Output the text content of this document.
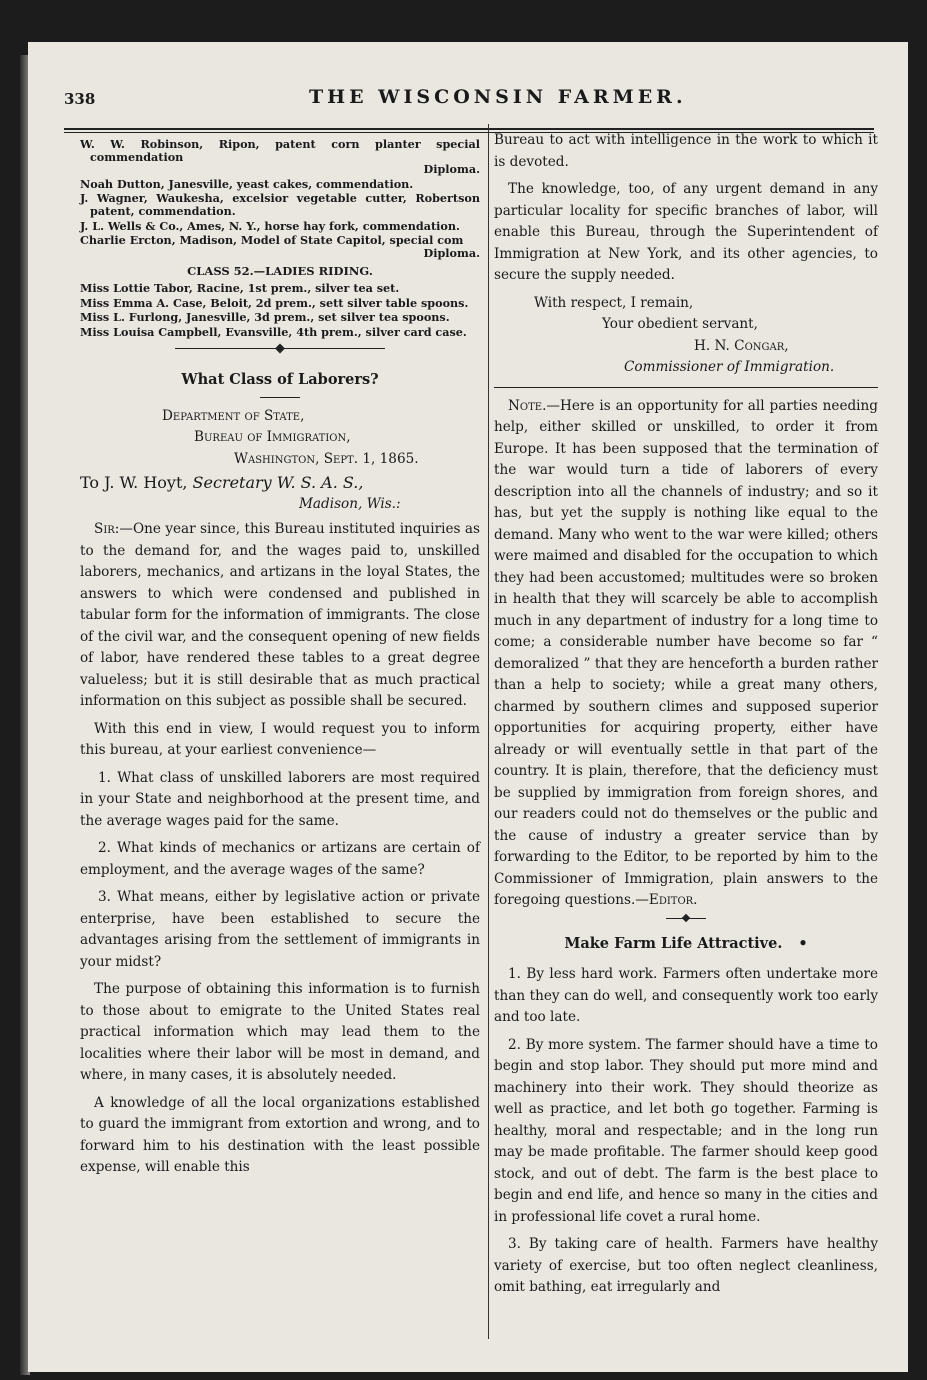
338	THE WISCONSIN FARMER.
W. W. Robinson, Ripon, patent corn planter special commendation
Diploma.
Noah Dutton, Janesville, yeast cakes, commendation.
J. Wagner, Waukesha, excelsior vegetable cutter, Robertson patent, commendation.
J. L. Wells & Co., Ames, N. Y., horse hay fork, commendation.
Charlie Ercton, Madison, Model of State Capitol, special com
Diploma.
CLASS 52.—LADIES RIDING.
Miss Lottie Tabor, Racine, 1st prem., silver tea set.
Miss Emma A. Case, Beloit, 2d prem., sett silver table spoons.
Miss L. Furlong, Janesville, 3d prem., set silver tea spoons.
Miss Louisa Campbell, Evansville, 4th prem., silver card case.
What Class of Laborers?

Department of State,

Bureau of Immigration,

Washington, Sept. 1, 1865.

To J. W. Hoyt, Secretary W. S. A. S.,

Madison, Wis.:

Sir:—One year since, this Bureau instituted inquiries as to the demand for, and the wages paid to, unskilled laborers, mechanics, and artizans in the loyal States, the answers to which were condensed and published in tabular form for the information of immigrants. The close of the civil war, and the consequent opening of new fields of labor, have rendered these tables to a great degree valueless; but it is still desirable that as much practical information on this subject as possible shall be secured.

With this end in view, I would request you to inform this bureau, at your earliest convenience—

1. What class of unskilled laborers are most required in your State and neighborhood at the present time, and the average wages paid for the same.

2. What kinds of mechanics or artizans are certain of employment, and the average wages of the same?

3. What means, either by legislative action or private enterprise, have been established to secure the advantages arising from the settlement of immigrants in your midst?

The purpose of obtaining this information is to furnish to those about to emigrate to the United States real practical information which may lead them to the localities where their labor will be most in demand, and where, in many cases, it is absolutely needed.

A knowledge of all the local organizations established to guard the immigrant from extortion and wrong, and to forward him to his destination with the least possible expense, will enable this

Bureau to act with intelligence in the work to which it is devoted.

The knowledge, too, of any urgent demand in any particular locality for specific branches of labor, will enable this Bureau, through the Superintendent of Immigration at New York, and its other agencies, to secure the supply needed.

With respect, I remain,

Your obedient servant,

H. N. Congar,

Commissioner of Immigration.

Note.—Here is an opportunity for all parties needing help, either skilled or unskilled, to order it from Europe. It has been supposed that the termination of the war would turn a tide of laborers of every description into all the channels of industry; and so it has, but yet the supply is nothing like equal to the demand. Many who went to the war were killed; others were maimed and disabled for the occupation to which they had been accustomed; multitudes were so broken in health that they will scarcely be able to accomplish much in any department of industry for a long time to come; a considerable number have become so far “ demoralized ” that they are henceforth a burden rather than a help to society; while a great many others, charmed by southern climes and supposed superior opportunities for acquiring property, either have already or will eventually settle in that part of the country. It is plain, therefore, that the deficiency must be supplied by immigration from foreign shores, and our readers could not do themselves or the public and the cause of industry a greater service than by forwarding to the Editor, to be reported by him to the Commissioner of Immigration, plain answers to the foregoing questions.—Editor.

Make Farm Life Attractive. •

1. By less hard work. Farmers often undertake more than they can do well, and consequently work too early and too late.

2. By more system. The farmer should have a time to begin and stop labor. They should put more mind and machinery into their work. They should theorize as well as practice, and let both go together. Farming is healthy, moral and respectable; and in the long run may be made profitable. The farmer should keep good stock, and out of debt. The farm is the best place to begin and end life, and hence so many in the cities and in professional life covet a rural home.

3. By taking care of health. Farmers have healthy variety of exercise, but too often neglect cleanliness, omit bathing, eat irregularly and
